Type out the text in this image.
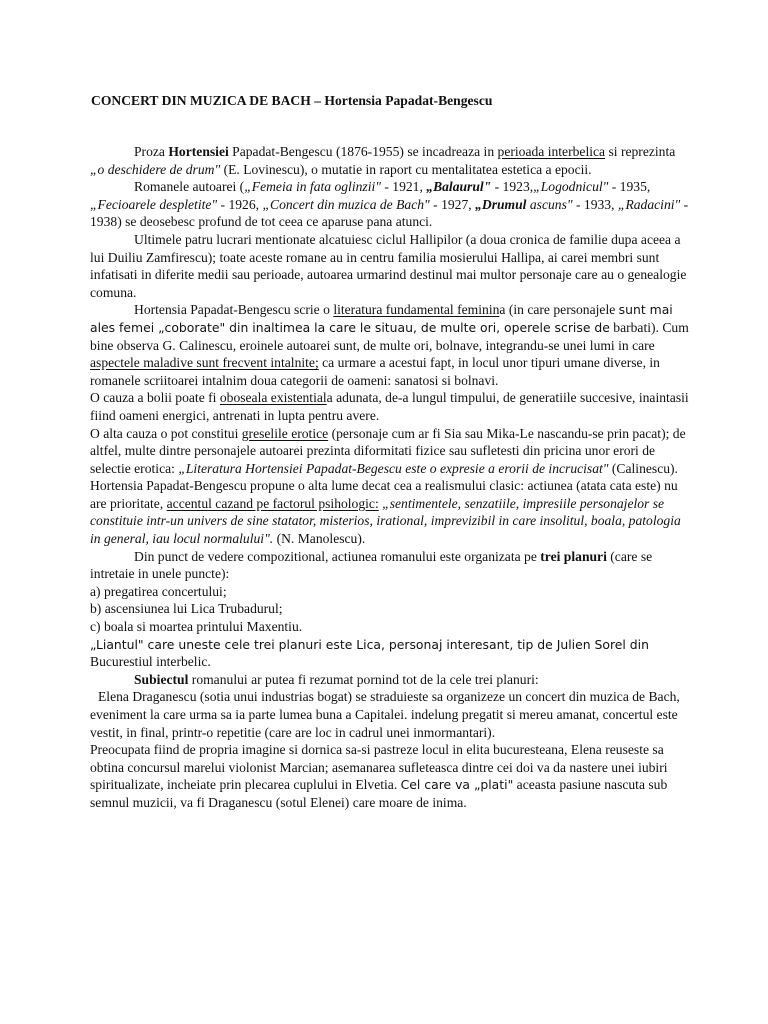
CONCERT DIN MUZICA DE BACH – Hortensia Papadat-Bengescu

Proza Hortensiei Papadat-Bengescu (1876-1955) se incadreaza in perioada interbelica si reprezinta „o deschidere de drum" (E. Lovinescu), o mutatie in raport cu mentalitatea estetica a epocii.

Romanele autoarei („Femeia in fata oglinzii" - 1921, „Balaurul" - 1923,„Logodnicul" - 1935, „Fecioarele despletite" - 1926, „Concert din muzica de Bach" - 1927, „Drumul ascuns" - 1933, „Radacini" - 1938) se deosebesc profund de tot ceea ce aparuse pana atunci.

Ultimele patru lucrari mentionate alcatuiesc ciclul Hallipilor (a doua cronica de familie dupa aceea a lui Duiliu Zamfirescu); toate aceste romane au in centru familia mosierului Hallipa, ai carei membri sunt infatisati in diferite medii sau perioade, autoarea urmarind destinul mai multor personaje care au o genealogie comuna.

Hortensia Papadat-Bengescu scrie o literatura fundamental feminina (in care personajele sunt mai ales femei „coborate" din inaltimea la care le situau, de multe ori, operele scrise de barbati). Cum bine observa G. Calinescu, eroinele autoarei sunt, de multe ori, bolnave, integrandu-se unei lumi in care aspectele maladive sunt frecvent intalnite; ca urmare a acestui fapt, in locul unor tipuri umane diverse, in romanele scriitoarei intalnim doua categorii de oameni: sanatosi si bolnavi.

O cauza a bolii poate fi oboseala existentiala adunata, de-a lungul timpului, de generatiile succesive, inaintasii fiind oameni energici, antrenati in lupta pentru avere.

O alta cauza o pot constitui greselile erotice (personaje cum ar fi Sia sau Mika-Le nascandu-se prin pacat); de altfel, multe dintre personajele autoarei prezinta diformitati fizice sau sufletesti din pricina unor erori de selectie erotica: „Literatura Hortensiei Papadat-Begescu este o expresie a erorii de incrucisat" (Calinescu). Hortensia Papadat-Bengescu propune o alta lume decat cea a realismului clasic: actiunea (atata cata este) nu are prioritate, accentul cazand pe factorul psihologic: „sentimentele, senzatiile, impresiile personajelor se constituie intr-un univers de sine statator, misterios, irational, imprevizibil in care insolitul, boala, patologia in general, iau locul normalului". (N. Manolescu).

Din punct de vedere compozitional, actiunea romanului este organizata pe trei planuri (care se intretaie in unele puncte):

a) pregatirea concertului;

b) ascensiunea lui Lica Trubadurul;

c) boala si moartea printului Maxentiu.

„Liantul" care uneste cele trei planuri este Lica, personaj interesant, tip de Julien Sorel din
Bucurestiul interbelic.

Subiectul romanului ar putea fi rezumat pornind tot de la cele trei planuri:

Elena Draganescu (sotia unui industrias bogat) se straduieste sa organizeze un concert din muzica de Bach, eveniment la care urma sa ia parte lumea buna a Capitalei. indelung pregatit si mereu amanat, concertul este vestit, in final, printr-o repetitie (care are loc in cadrul unei inmormantari).

Preocupata fiind de propria imagine si dornica sa-si pastreze locul in elita bucuresteana, Elena reuseste sa obtina concursul marelui violonist Marcian; asemanarea sufleteasca dintre cei doi va da nastere unei iubiri spiritualizate, incheiate prin plecarea cuplului in Elvetia. Cel care va „plati" aceasta pasiune nascuta sub semnul muzicii, va fi Draganescu (sotul Elenei) care moare de inima.
